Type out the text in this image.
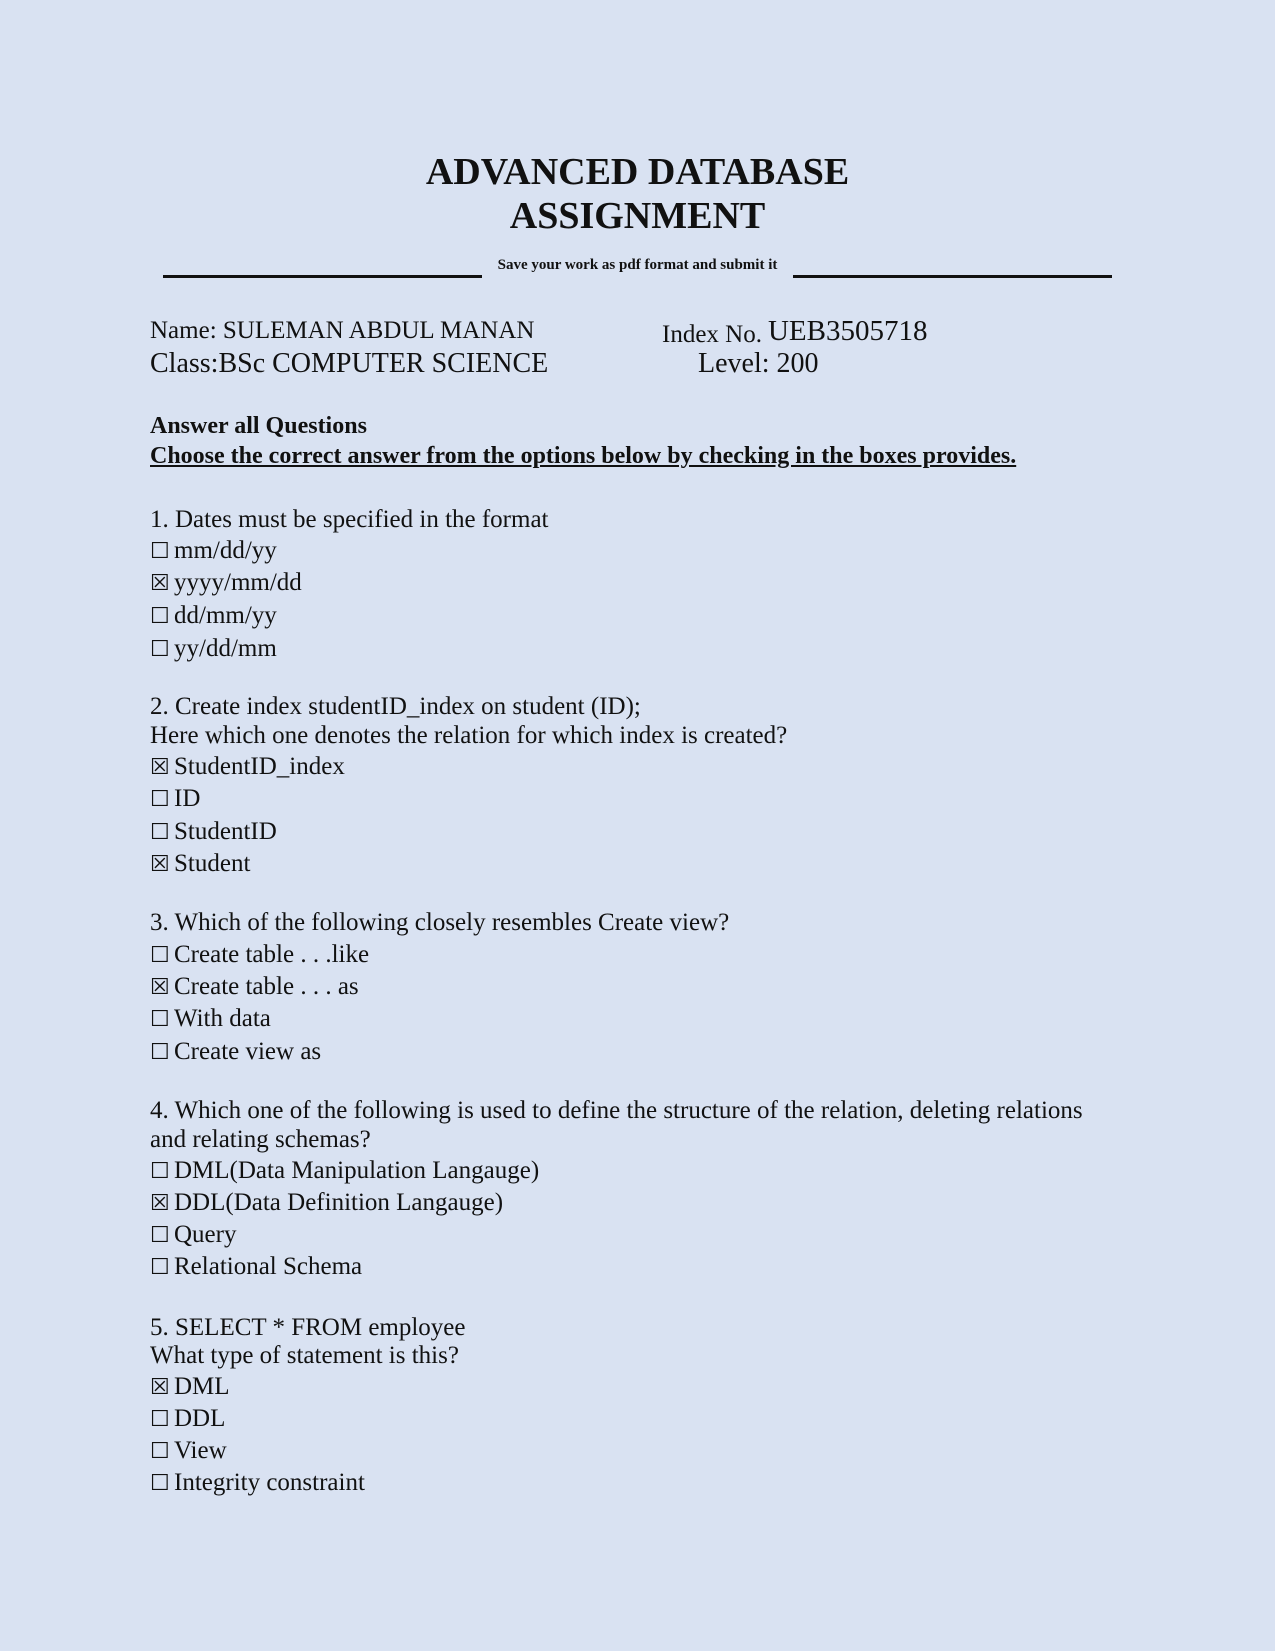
ADVANCED DATABASE
ASSIGNMENT
Save your work as pdf format and submit it
Name: SULEMAN ABDUL MANAN
Class:BSc COMPUTER SCIENCE
Index No. UEB3505718
Level: 200
Answer all Questions
Choose the correct answer from the options below by checking in the boxes provides.
1. Dates must be specified in the format
☐ mm/dd/yy
☒ yyyy/mm/dd
☐ dd/mm/yy
☐ yy/dd/mm
2. Create index studentID_index on student (ID);
Here which one denotes the relation for which index is created?
☒ StudentID_index
☐ ID
☐ StudentID
☒ Student
3. Which of the following closely resembles Create view?
☐ Create table . . .like
☒ Create table . . . as
☐ With data
☐ Create view as
4. Which one of the following is used to define the structure of the relation, deleting relations
and relating schemas?
☐ DML(Data Manipulation Langauge)
☒ DDL(Data Definition Langauge)
☐ Query
☐ Relational Schema
5. SELECT * FROM employee
What type of statement is this?
☒ DML
☐ DDL
☐ View
☐ Integrity constraint
